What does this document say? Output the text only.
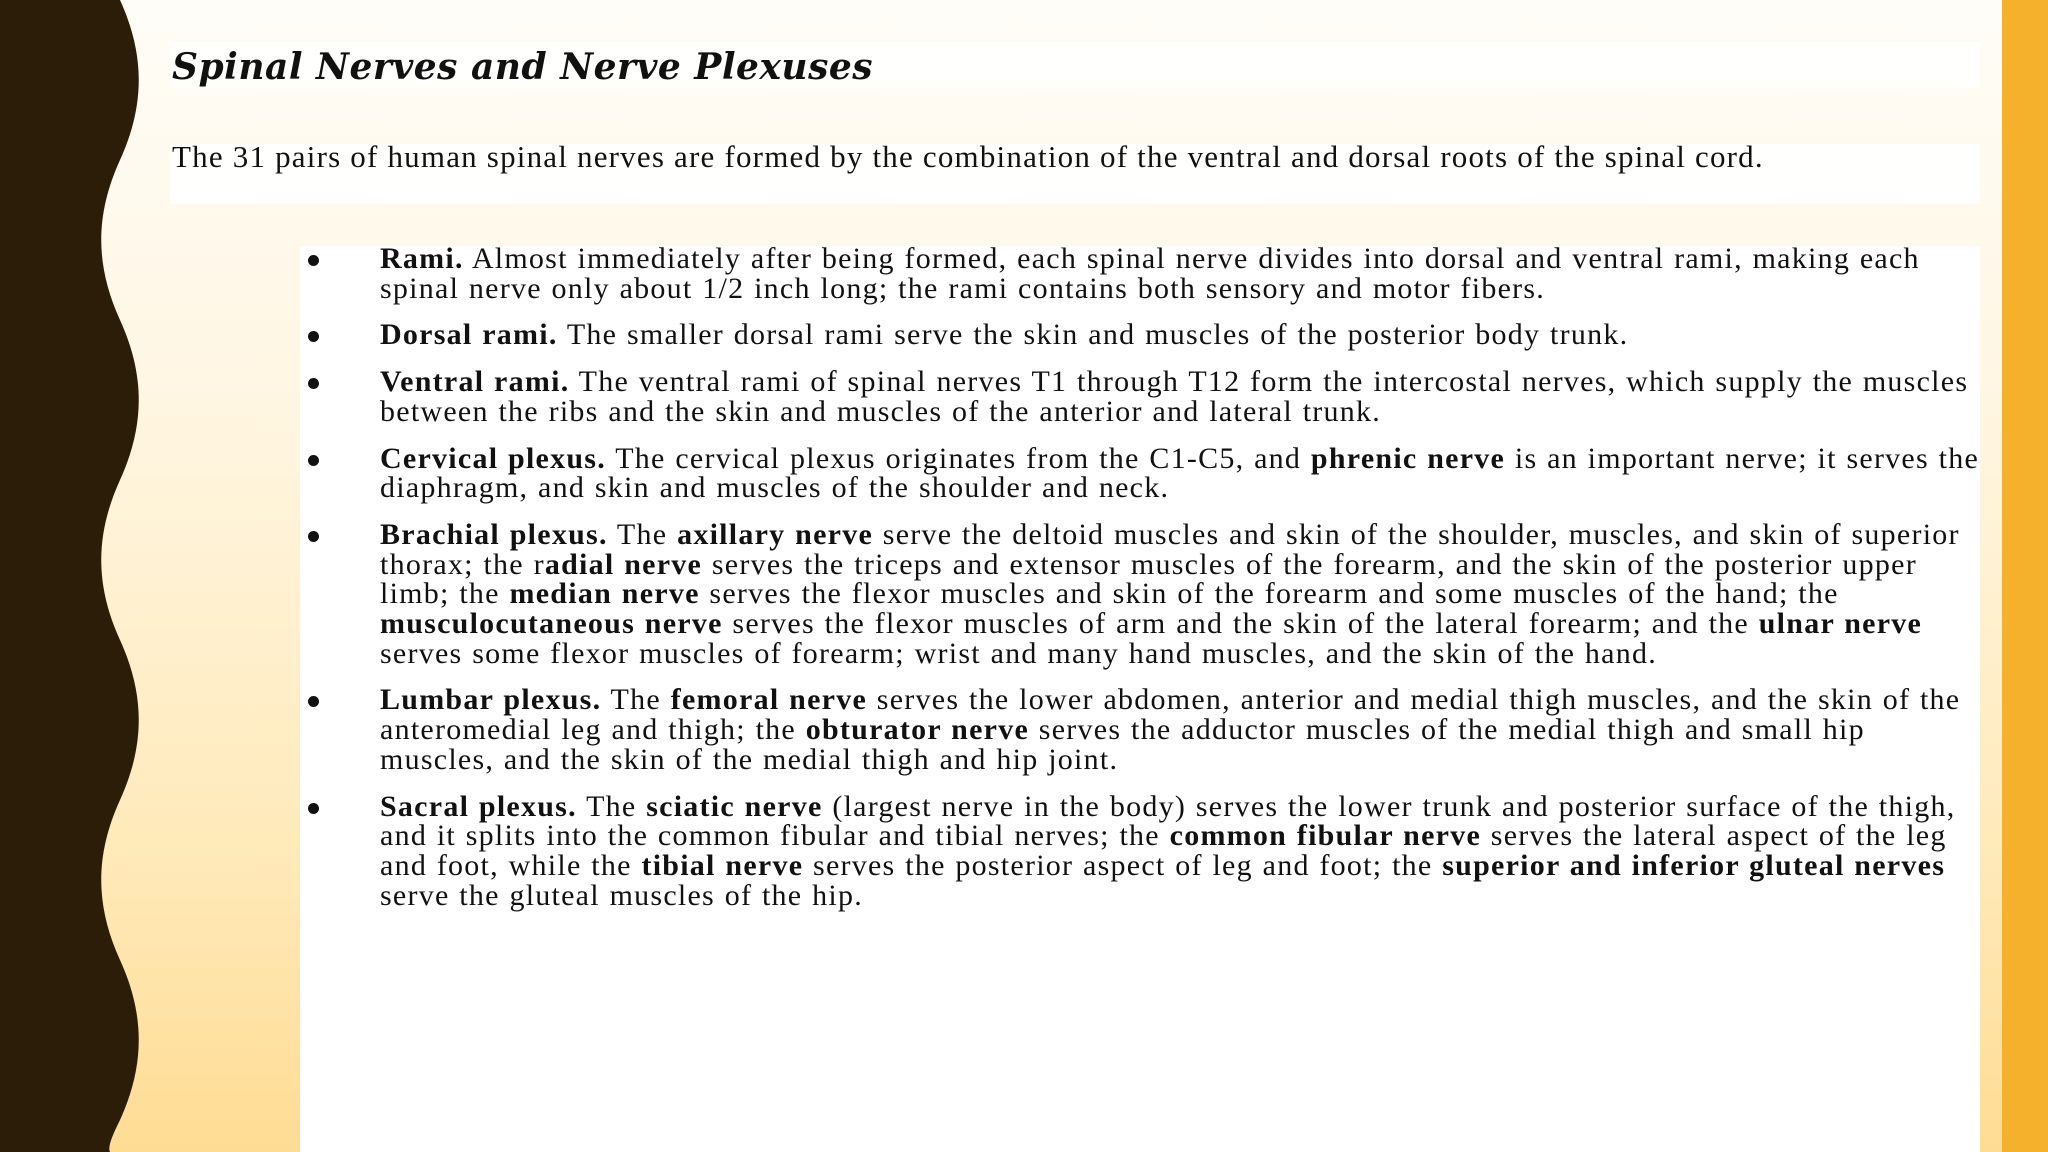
Spinal Nerves and Nerve Plexuses
The 31 pairs of human spinal nerves are formed by the combination of the ventral and dorsal roots of the spinal cord.
Rami. Almost immediately after being formed, each spinal nerve divides into dorsal and ventral rami, making each spinal nerve only about 1/2 inch long; the rami contains both sensory and motor fibers.
Dorsal rami. The smaller dorsal rami serve the skin and muscles of the posterior body trunk.
Ventral rami. The ventral rami of spinal nerves T1 through T12 form the intercostal nerves, which supply the muscles between the ribs and the skin and muscles of the anterior and lateral trunk.
Cervical plexus. The cervical plexus originates from the C1-C5, and phrenic nerve is an important nerve; it serves the diaphragm, and skin and muscles of the shoulder and neck.
Brachial plexus. The axillary nerve serve the deltoid muscles and skin of the shoulder, muscles, and skin of superior thorax; the radial nerve serves the triceps and extensor muscles of the forearm, and the skin of the posterior upper limb; the median nerve serves the flexor muscles and skin of the forearm and some muscles of the hand; the musculocutaneous nerve serves the flexor muscles of arm and the skin of the lateral forearm; and the ulnar nerve serves some flexor muscles of forearm; wrist and many hand muscles, and the skin of the hand.
Lumbar plexus. The femoral nerve serves the lower abdomen, anterior and medial thigh muscles, and the skin of the anteromedial leg and thigh; the obturator nerve serves the adductor muscles of the medial thigh and small hip muscles, and the skin of the medial thigh and hip joint.
Sacral plexus. The sciatic nerve (largest nerve in the body) serves the lower trunk and posterior surface of the thigh, and it splits into the common fibular and tibial nerves; the common fibular nerve serves the lateral aspect of the leg and foot, while the tibial nerve serves the posterior aspect of leg and foot; the superior and inferior gluteal nerves serve the gluteal muscles of the hip.
